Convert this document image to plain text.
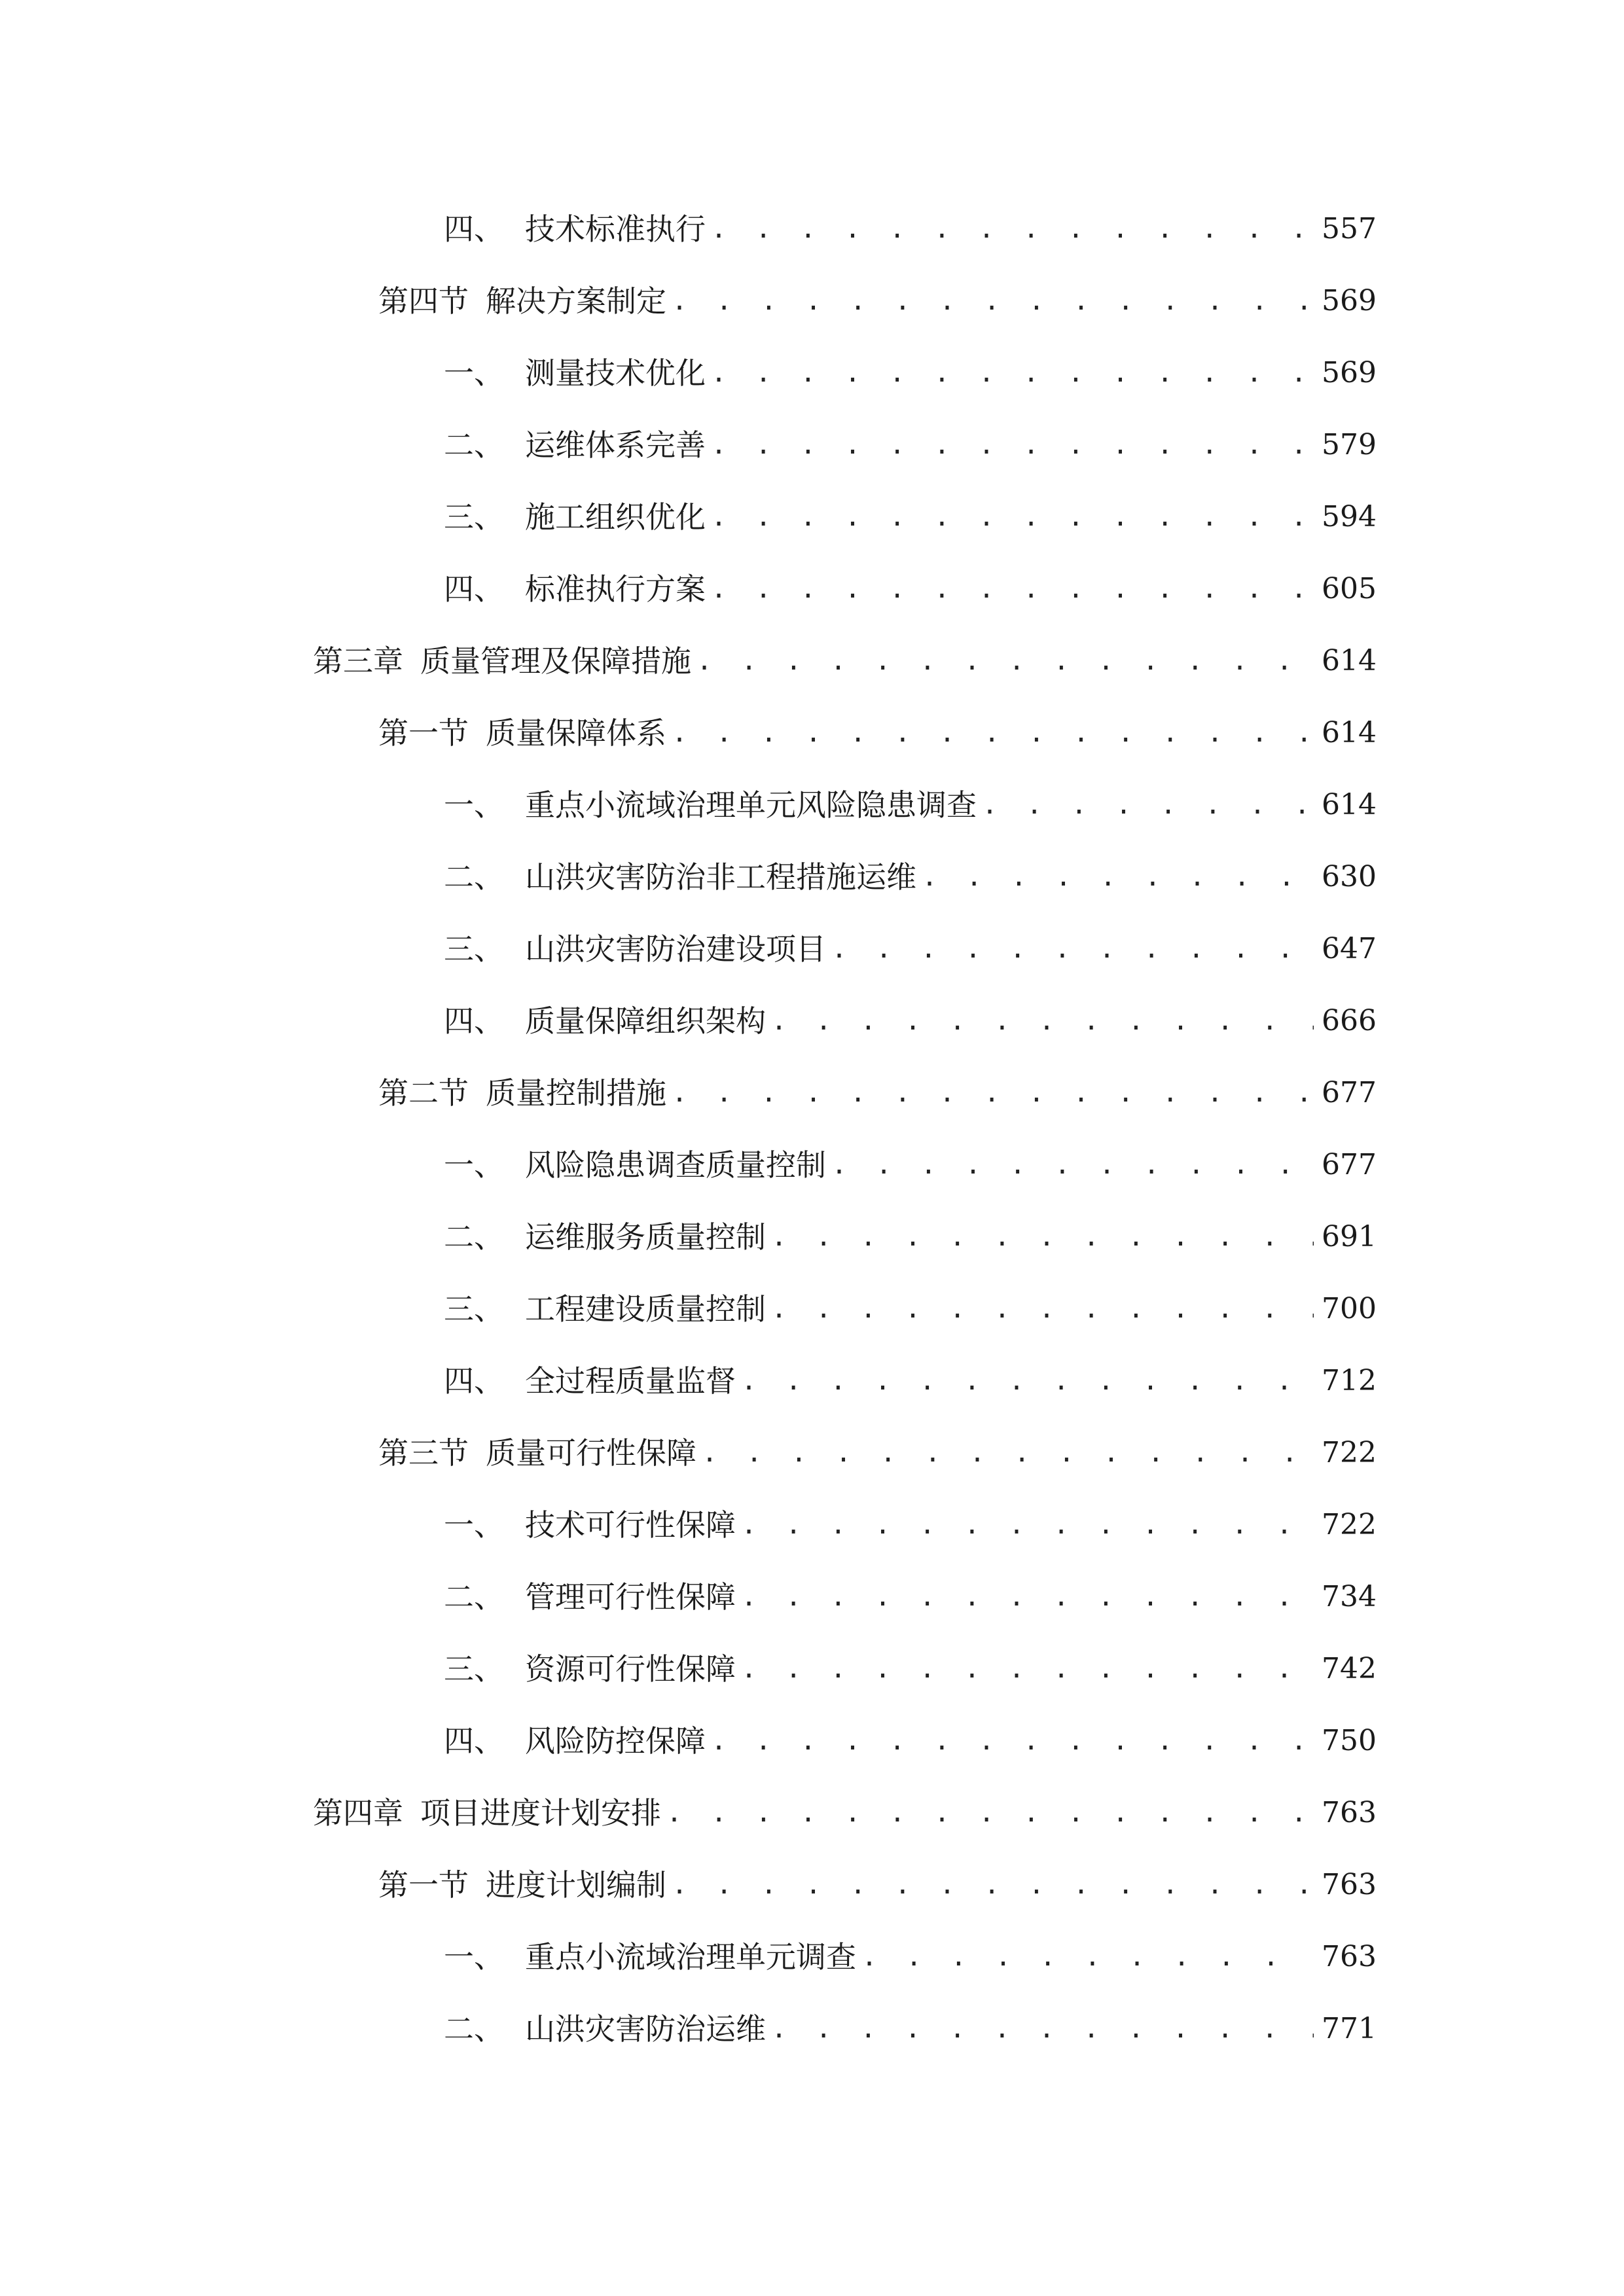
四、 技术标准执行 . . .	557
第四节 解决方案制定 . . .	569
一、 测量技术优化 . . .	569
二、 运维体系完善 . . .	579
三、 施工组织优化 . . .	594
四、 标准执行方案 . . .	605
第三章 质量管理及保障措施 . . .	614
第一节 质量保障体系 . . .	614
一、 重点小流域治理单元风险隐患调查 . . .	614
二、 山洪灾害防治非工程措施运维 . . .	630
三、 山洪灾害防治建设项目 . . .	647
四、 质量保障组织架构 . . .	666
第二节 质量控制措施 . . .	677
一、 风险隐患调查质量控制 . . .	677
二、 运维服务质量控制 . . .	691
三、 工程建设质量控制 . . .	700
四、 全过程质量监督 . . .	712
第三节 质量可行性保障 . . .	722
一、 技术可行性保障 . . .	722
二、 管理可行性保障 . . .	734
三、 资源可行性保障 . . .	742
四、 风险防控保障 . . .	750
第四章 项目进度计划安排 . . .	763
第一节 进度计划编制 . . .	763
一、 重点小流域治理单元调查 . . .	763
二、 山洪灾害防治运维 . . .	771
